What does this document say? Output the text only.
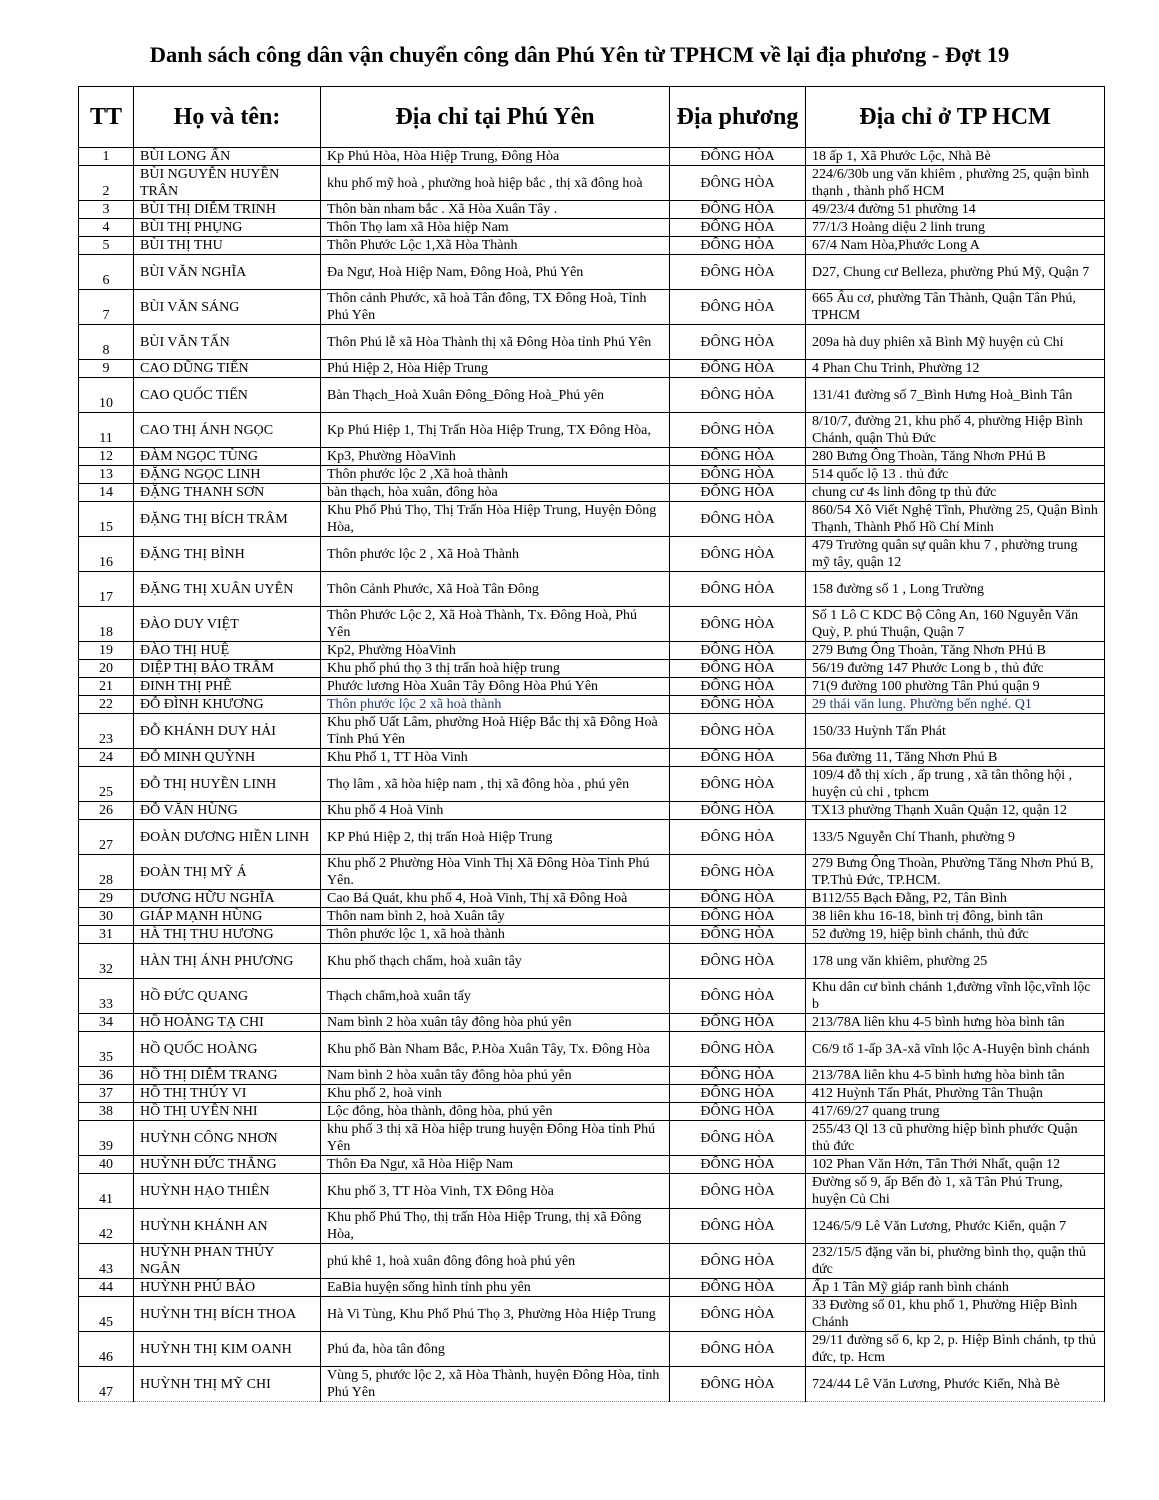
Danh sách công dân vận chuyển công dân Phú Yên từ TPHCM về lại địa phương - Đợt 19
TT	Họ và tên:	Địa chỉ tại Phú Yên	Địa phương	Địa chỉ ở TP HCM
1	BÙI LONG ẨN	Kp Phú Hòa, Hòa Hiệp Trung, Đông Hòa	ĐÔNG HÒA	18 ấp 1, Xã Phước Lộc, Nhà Bè
2	BÙI NGUYỄN HUYỀN TRÂN	khu phố mỹ hoà , phường hoà hiệp bắc , thị xã đông hoà	ĐÔNG HÒA	224/6/30b ung văn khiêm , phường 25, quận bình thạnh , thành phố HCM
3	BÙI THỊ DIỄM TRINH	Thôn bàn nham bắc . Xã Hòa Xuân Tây .	ĐÔNG HÒA	49/23/4 đường 51 phường 14
4	BÙI THỊ PHỤNG	Thôn Thọ lam xã Hòa hiệp Nam	ĐÔNG HÒA	77/1/3 Hoàng diệu 2 linh trung
5	BÙI THỊ THU	Thôn Phước Lộc 1,Xã Hòa Thành	ĐÔNG HÒA	67/4 Nam Hòa,Phước Long A
6	BÙI VĂN NGHĨA	Đa Ngư, Hoà Hiệp Nam, Đông Hoà, Phú Yên	ĐÔNG HÒA	D27, Chung cư Belleza, phường Phú Mỹ, Quận 7
7	BÙI VĂN SÁNG	Thôn cảnh Phước, xã hoà Tân đông, TX Đông Hoà, Tỉnh Phú Yên	ĐÔNG HÒA	665 Âu cơ, phường Tân Thành, Quận Tân Phú, TPHCM
8	BÙI VĂN TẤN	Thôn Phú lễ xã Hòa Thành thị xã Đông Hòa tỉnh Phú Yên	ĐÔNG HÒA	209a hà duy phiên xã Bình Mỹ huyện củ Chi
9	CAO DŨNG TIẾN	Phú Hiệp 2, Hòa Hiệp Trung	ĐÔNG HÒA	4 Phan Chu Trinh, Phường 12
10	CAO QUỐC TIẾN	Bàn Thạch_Hoà Xuân Đông_Đông Hoà_Phú yên	ĐÔNG HÒA	131/41 đường số 7_Bình Hưng Hoà_Bình Tân
11	CAO THỊ ÁNH NGỌC	Kp Phú Hiệp 1, Thị Trấn Hòa Hiệp Trung, TX Đông Hòa,	ĐÔNG HÒA	8/10/7, đường 21, khu phố 4, phường Hiệp Bình Chánh, quận Thủ Đức
12	ĐÀM NGỌC TÙNG	Kp3, Phường HòaVinh	ĐÔNG HÒA	280 Bưng Ông Thoàn, Tăng Nhơn PHú B
13	ĐẶNG NGỌC LINH	Thôn phước lộc 2 ,Xã hoà thành	ĐÔNG HÒA	514 quốc lộ 13 . thủ đức
14	ĐẶNG THANH SƠN	bàn thạch, hòa xuân, đông hòa	ĐÔNG HÒA	chung cư 4s linh đông tp thủ đức
15	ĐẶNG THỊ BÍCH TRÂM	Khu Phố Phú Thọ, Thị Trấn Hòa Hiệp Trung, Huyện Đông Hòa,	ĐÔNG HÒA	860/54 Xô Viết Nghệ Tĩnh, Phường 25, Quận Bình Thạnh, Thành Phố Hồ Chí Minh
16	ĐẶNG THỊ BÌNH	Thôn phước lộc 2 , Xã Hoà Thành	ĐÔNG HÒA	479 Trường quân sự quân khu 7 , phường trung mỹ tây, quận 12
17	ĐẶNG THỊ XUÂN UYÊN	Thôn Cảnh Phước, Xã Hoà Tân Đông	ĐÔNG HÒA	158 đường số 1 , Long Trường
18	ĐÀO DUY VIỆT	Thôn Phước Lộc 2, Xã Hoà Thành, Tx. Đông Hoà, Phú Yên	ĐÔNG HÒA	Số 1 Lô C KDC Bộ Công An, 160 Nguyễn Văn Quỳ, P. phú Thuận, Quận 7
19	ĐÀO THỊ HUỆ	Kp2, Phường HòaVinh	ĐÔNG HÒA	279 Bưng Ông Thoàn, Tăng Nhơn PHú B
20	DIỆP THỊ BẢO TRÂM	Khu phố phú thọ 3 thị trấn hoà hiệp trung	ĐÔNG HÒA	56/19 đường 147 Phước Long b , thủ đức
21	ĐINH THỊ PHÊ	Phước lương Hòa Xuân Tây Đông Hòa Phú Yên	ĐÔNG HÒA	71(9 đường 100 phường Tân Phú quận 9
22	ĐỖ ĐÌNH KHƯƠNG	Thôn phước lộc 2 xã hoà thành	ĐÔNG HÒA	29 thái văn lung. Phường bến nghé. Q1
23	ĐỖ KHÁNH DUY HẢI	Khu phố Uất Lâm, phường Hoà Hiệp Bắc thị xã Đông Hoà Tỉnh Phú Yên	ĐÔNG HÒA	150/33 Huỳnh Tấn Phát
24	ĐỖ MINH QUỲNH	Khu Phố 1, TT Hòa Vinh	ĐÔNG HÒA	56a đường 11, Tăng Nhơn Phú B
25	ĐỖ THỊ HUYỀN LINH	Thọ lâm , xã hòa hiệp nam , thị xã đông hòa , phú yên	ĐÔNG HÒA	109/4 đỗ thị xích , ấp trung , xã tân thông hội , huyện củ chi , tphcm
26	ĐỖ VĂN HÙNG	Khu phố 4 Hoà Vinh	ĐÔNG HÒA	TX13 phường Thạnh Xuân Quận 12, quận 12
27	ĐOÀN DƯƠNG HIỀN LINH	KP Phú Hiệp 2, thị trấn Hoà Hiệp Trung	ĐÔNG HÒA	133/5 Nguyễn Chí Thanh, phường 9
28	ĐOÀN THỊ MỸ Á	Khu phố 2 Phường Hòa Vinh Thị Xã Đông Hòa Tỉnh Phú Yên.	ĐÔNG HÒA	279 Bưng Ông Thoàn, Phường Tăng Nhơn Phú B, TP.Thủ Đức, TP.HCM.
29	DƯƠNG HỮU NGHĨA	Cao Bá Quát, khu phố 4, Hoà Vinh, Thị xã Đông Hoà	ĐÔNG HÒA	B112/55 Bạch Đằng, P2, Tân Bình
30	GIÁP MẠNH HÙNG	Thôn nam bình 2, hoà Xuân tây	ĐÔNG HÒA	38 liên khu 16-18, bình trị đông, bình tân
31	HÀ THỊ THU HƯƠNG	Thôn phước lộc 1, xã hoà thành	ĐÔNG HÒA	52 đường 19, hiệp bình chánh, thủ đức
32	HÀN THỊ ÁNH PHƯƠNG	Khu phố thạch chẩm, hoà xuân tây	ĐÔNG HÒA	178 ung văn khiêm, phường 25
33	HỒ ĐỨC QUANG	Thạch chẩm,hoà xuân tấy	ĐÔNG HÒA	Khu dân cư bình chánh 1,đường vĩnh lộc,vĩnh lộc b
34	HỒ HOÀNG TẠ CHI	Nam bình 2 hòa xuân tây đông hòa phú yên	ĐÔNG HÒA	213/78A liên khu 4-5 bình hưng hòa bình tân
35	HỒ QUỐC HOÀNG	Khu phố Bàn Nham Bắc, P.Hòa Xuân Tây, Tx. Đông Hòa	ĐÔNG HÒA	C6/9 tổ 1-ấp 3A-xã vĩnh lộc A-Huyện bình chánh
36	HỒ THỊ DIỄM TRANG	Nam bình 2 hòa xuân tây đông hòa phú yên	ĐÔNG HÒA	213/78A liên khu 4-5 bình hưng hòa bình tân
37	HỒ THỊ THÚY VI	Khu phố 2, hoà vinh	ĐÔNG HÒA	412 Huỳnh Tấn Phát, Phường Tân Thuận
38	HỒ THỊ UYÊN NHI	Lộc đông, hòa thành, đông hòa, phú yên	ĐÔNG HÒA	417/69/27 quang trung
39	HUỲNH CÔNG NHƠN	khu phố 3 thị xã Hòa hiệp trung huyện Đông Hòa tỉnh Phú Yên	ĐÔNG HÒA	255/43 Ql 13 cũ phường hiệp bình phước Quận thủ đức
40	HUỲNH ĐỨC THẮNG	Thôn Đa Ngư, xã Hòa Hiệp Nam	ĐÔNG HÒA	102 Phan Văn Hớn, Tân Thới Nhất, quận 12
41	HUỲNH HẠO THIÊN	Khu phố 3, TT Hòa Vinh, TX Đông Hòa	ĐÔNG HÒA	Đường số 9, ấp Bến đò 1, xã Tân Phú Trung, huyện Củ Chi
42	HUỲNH KHÁNH AN	Khu phố Phú Thọ, thị trấn Hòa Hiệp Trung, thị xã Đông Hòa,	ĐÔNG HÒA	1246/5/9 Lê Văn Lương, Phước Kiển, quận 7
43	HUỲNH PHAN THÚY NGÂN	phú khê 1, hoà xuân đông đông hoà phú yên	ĐÔNG HÒA	232/15/5 đặng văn bi, phường bình thọ, quận thủ đức
44	HUỲNH PHÚ BẢO	EaBia huyện sống hình tỉnh phu yên	ĐÔNG HÒA	Ấp 1 Tân Mỹ giáp ranh bình chánh
45	HUỲNH THỊ BÍCH THOA	Hà Vi Tùng, Khu Phố Phú Thọ 3, Phường Hòa Hiệp Trung	ĐÔNG HÒA	33 Đường số 01, khu phố 1, Phường Hiệp Bình Chánh
46	HUỲNH THỊ KIM OANH	Phú đa, hòa tân đông	ĐÔNG HÒA	29/11 đường số 6, kp 2, p. Hiệp Bình chánh, tp thủ đức, tp. Hcm
47	HUỲNH THỊ MỸ CHI	Vùng 5, phước lộc 2, xã Hòa Thành, huyện Đông Hòa, tỉnh Phú Yên	ĐÔNG HÒA	724/44 Lê Văn Lương, Phước Kiển, Nhà Bè
